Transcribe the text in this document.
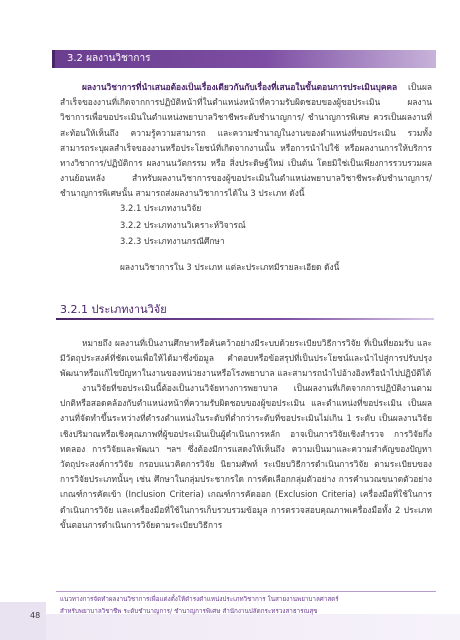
3.2 ผลงานวิชาการ

ผลงานวิชาการที่นำเสนอต้องเป็นเรื่องเดียวกันกับเรื่องที่เสนอในขั้นตอนการประเมินบุคคล เป็นผลสำเร็จของงานที่เกิดจากการปฏิบัติหน้าที่ในตำแหน่งหน้าที่ความรับผิดชอบของผู้ขอประเมิน ผลงานวิชาการเพื่อขอประเมินในตำแหน่งพยาบาลวิชาชีพระดับชำนาญการ/ ชำนาญการพิเศษ ควรเป็นผลงานที่สะท้อนให้เห็นถึง ความรู้ความสามารถ และความชำนาญในงานของตำแหน่งที่ขอประเมิน รวมทั้งสามารถระบุผลสำเร็จของงานหรือประโยชน์ที่เกิดจากงานนั้น หรือการนำไปใช้ หรือผลงานการให้บริการทางวิชาการ/ปฏิบัติการ ผลงานนวัตกรรม หรือ สิ่งประดิษฐ์ใหม่ เป็นต้น โดยมิใช่เป็นเพียงการรวบรวมผลงานย้อนหลัง สำหรับผลงานวิชาการของผู้ขอประเมินในตำแหน่งพยาบาลวิชาชีพระดับชำนาญการ/ ชำนาญการพิเศษนั้น สามารถส่งผลงานวิชาการได้ใน 3 ประเภท ดังนี้

3.2.1 ประเภทงานวิจัย
3.2.2 ประเภทงานวิเคราะห์วิจารณ์
3.2.3 ประเภทงานกรณีศึกษา

ผลงานวิชาการใน 3 ประเภท แต่ละประเภทมีรายละเอียด ดังนี้

3.2.1 ประเภทงานวิจัย

หมายถึง ผลงานที่เป็นงานศึกษาหรือค้นคว้าอย่างมีระบบด้วยระเบียบวิธีการวิจัย ที่เป็นที่ยอมรับ และมีวัตถุประสงค์ที่ชัดเจนเพื่อให้ได้มาซึ่งข้อมูล คำตอบหรือข้อสรุปที่เป็นประโยชน์และนำไปสู่การปรับปรุง พัฒนาหรือแก้ไขปัญหาในงานของหน่วยงานหรือโรงพยาบาล และสามารถนำไปอ้างอิงหรือนำไปปฏิบัติได้

งานวิจัยที่ขอประเมินนี้ต้องเป็นงานวิจัยทางการพยาบาล เป็นผลงานที่เกิดจากการปฏิบัติงานตามปกติหรือสอดคล้องกับตำแหน่งหน้าที่ความรับผิดชอบของผู้ขอประเมิน และตำแหน่งที่ขอประเมิน เป็นผลงานที่จัดทำขึ้นระหว่างที่ดำรงตำแหน่งในระดับที่ต่ำกว่าระดับที่ขอประเมินไม่เกิน 1 ระดับ เป็นผลงานวิจัยเชิงปริมาณหรือเชิงคุณภาพที่ผู้ขอประเมินเป็นผู้ดำเนินการหลัก อาจเป็นการวิจัยเชิงสำรวจ การวิจัยกึ่งทดลอง การวิจัยและพัฒนา ฯลฯ ซึ่งต้องมีการแสดงให้เห็นถึง ความเป็นมาและความสำคัญของปัญหา วัตถุประสงค์การวิจัย กรอบแนวคิดการวิจัย นิยามศัพท์ ระเบียบวิธีการดำเนินการวิจัย ตามระเบียบของการวิจัยประเภทนั้นๆ เช่น ศึกษาในกลุ่มประชากรใด การคัดเลือกกลุ่มตัวอย่าง การคำนวณขนาดตัวอย่าง เกณฑ์การคัดเข้า (Inclusion Criteria) เกณฑ์การคัดออก (Exclusion Criteria) เครื่องมือที่ใช้ในการดำเนินการวิจัย และเครื่องมือที่ใช้ในการเก็บรวบรวมข้อมูล การตรวจสอบคุณภาพเครื่องมือทั้ง 2 ประเภท ขั้นตอนการดำเนินการวิจัยตามระเบียบวิธีการ

48

แนวทางการจัดทำผลงานวิชาการเพื่อแต่งตั้งให้ดำรงตำแหน่งประเภทวิชาการ ในสายงานพยาบาลศาสตร์
สำหรับพยาบาลวิชาชีพ ระดับชำนาญการ/ ชำนาญการพิเศษ สำนักงานปลัดกระทรวงสาธารณสุข
